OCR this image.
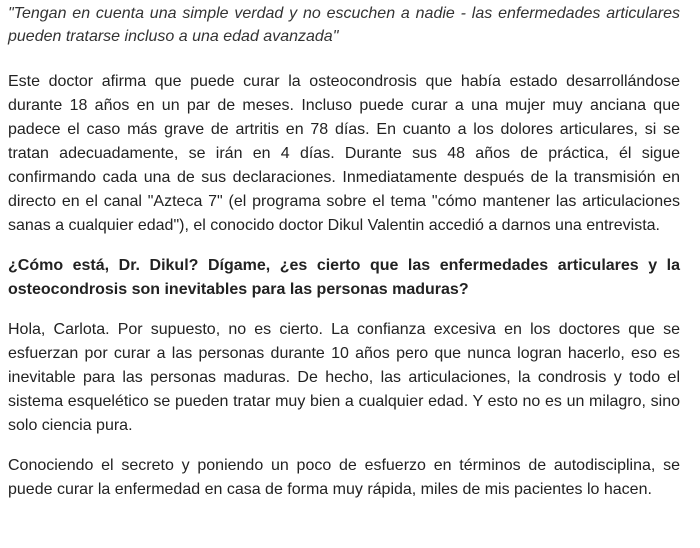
"Tengan en cuenta una simple verdad y no escuchen a nadie - las enfermedades articulares pueden tratarse incluso a una edad avanzada"

Este doctor afirma que puede curar la osteocondrosis que había estado desarrollándose durante 18 años en un par de meses. Incluso puede curar a una mujer muy anciana que padece el caso más grave de artritis en 78 días. En cuanto a los dolores articulares, si se tratan adecuadamente, se irán en 4 días. Durante sus 48 años de práctica, él sigue confirmando cada una de sus declaraciones. Inmediatamente después de la transmisión en directo en el canal "Azteca 7" (el programa sobre el tema "cómo mantener las articulaciones sanas a cualquier edad"), el conocido doctor Dikul Valentin accedió a darnos una entrevista.

¿Cómo está, Dr. Dikul? Dígame, ¿es cierto que las enfermedades articulares y la osteocondrosis son inevitables para las personas maduras?

Hola, Carlota. Por supuesto, no es cierto. La confianza excesiva en los doctores que se esfuerzan por curar a las personas durante 10 años pero que nunca logran hacerlo, eso es inevitable para las personas maduras. De hecho, las articulaciones, la condrosis y todo el sistema esquelético se pueden tratar muy bien a cualquier edad. Y esto no es un milagro, sino solo ciencia pura.

Conociendo el secreto y poniendo un poco de esfuerzo en términos de autodisciplina, se puede curar la enfermedad en casa de forma muy rápida, miles de mis pacientes lo hacen.
